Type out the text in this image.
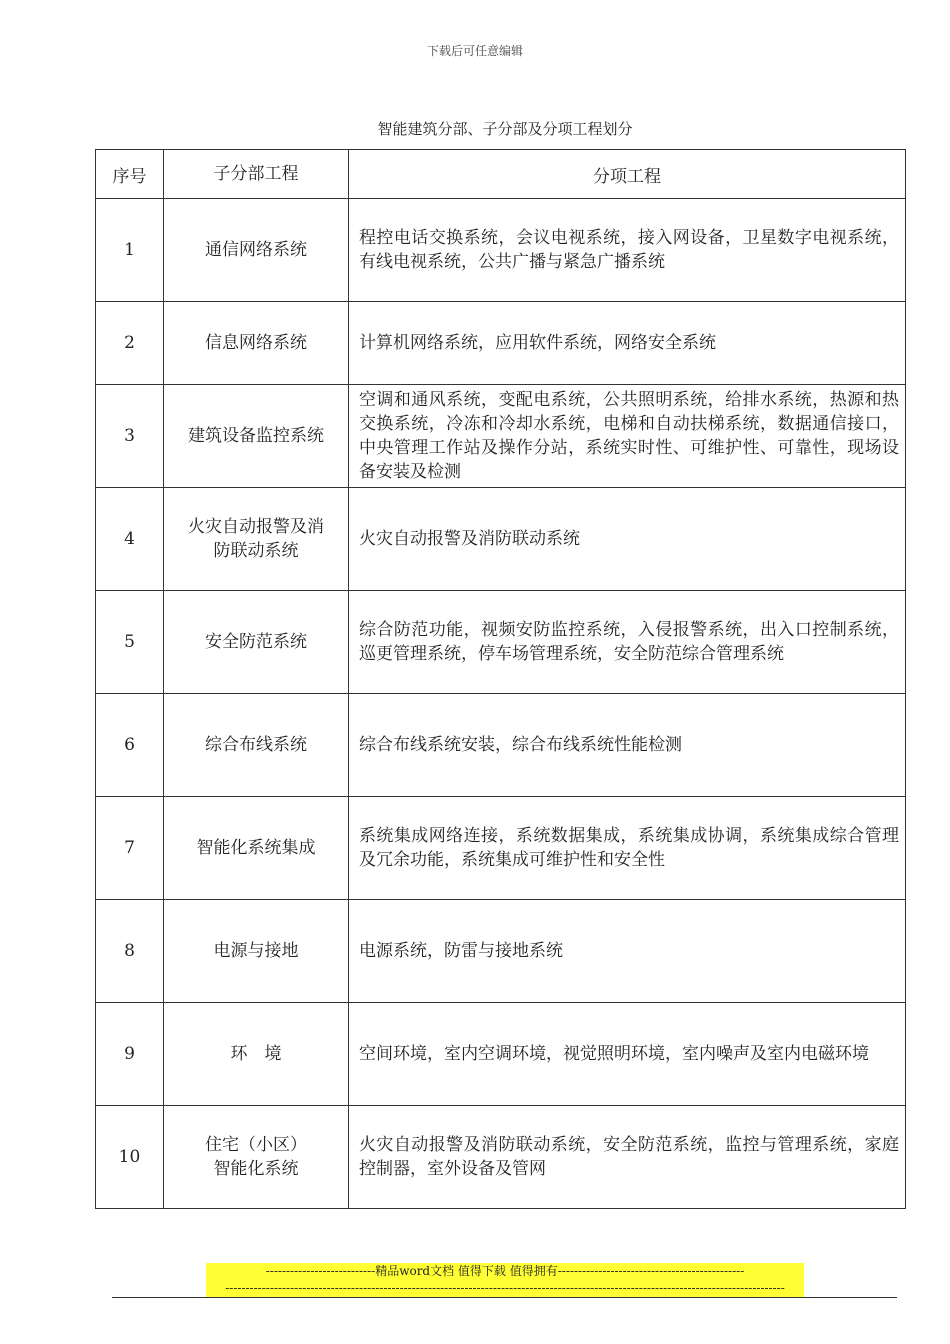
下载后可任意编辑
智能建筑分部、子分部及分项工程划分
序号	子分部工程	分项工程
1	通信网络系统	程控电话交换系统，会议电视系统，接入网设备，卫星数字电视系统，有线电视系统，公共广播与紧急广播系统
2	信息网络系统	计算机网络系统，应用软件系统，网络安全系统
3	建筑设备监控系统	空调和通风系统，变配电系统，公共照明系统，给排水系统，热源和热交换系统，冷冻和冷却水系统，电梯和自动扶梯系统，数据通信接口，中央管理工作站及操作分站，系统实时性、可维护性、可靠性，现场设备安装及检测
4	火灾自动报警及消防联动系统	火灾自动报警及消防联动系统
5	安全防范系统	综合防范功能，视频安防监控系统，入侵报警系统，出入口控制系统，巡更管理系统，停车场管理系统，安全防范综合管理系统
6	综合布线系统	综合布线系统安装，综合布线系统性能检测
7	智能化系统集成	系统集成网络连接，系统数据集成，系统集成协调，系统集成综合管理及冗余功能，系统集成可维护性和安全性
8	电源与接地	电源系统，防雷与接地系统
9	环　境	空间环境，室内空调环境，视觉照明环境，室内噪声及室内电磁环境
10	住宅（小区）智能化系统	火灾自动报警及消防联动系统，安全防范系统，监控与管理系统，家庭控制器，室外设备及管网
---------------------------精品word文档 值得下载 值得拥有----------------------------------------------
------------------------------------------------------------------------------------------------------------------------------------------
